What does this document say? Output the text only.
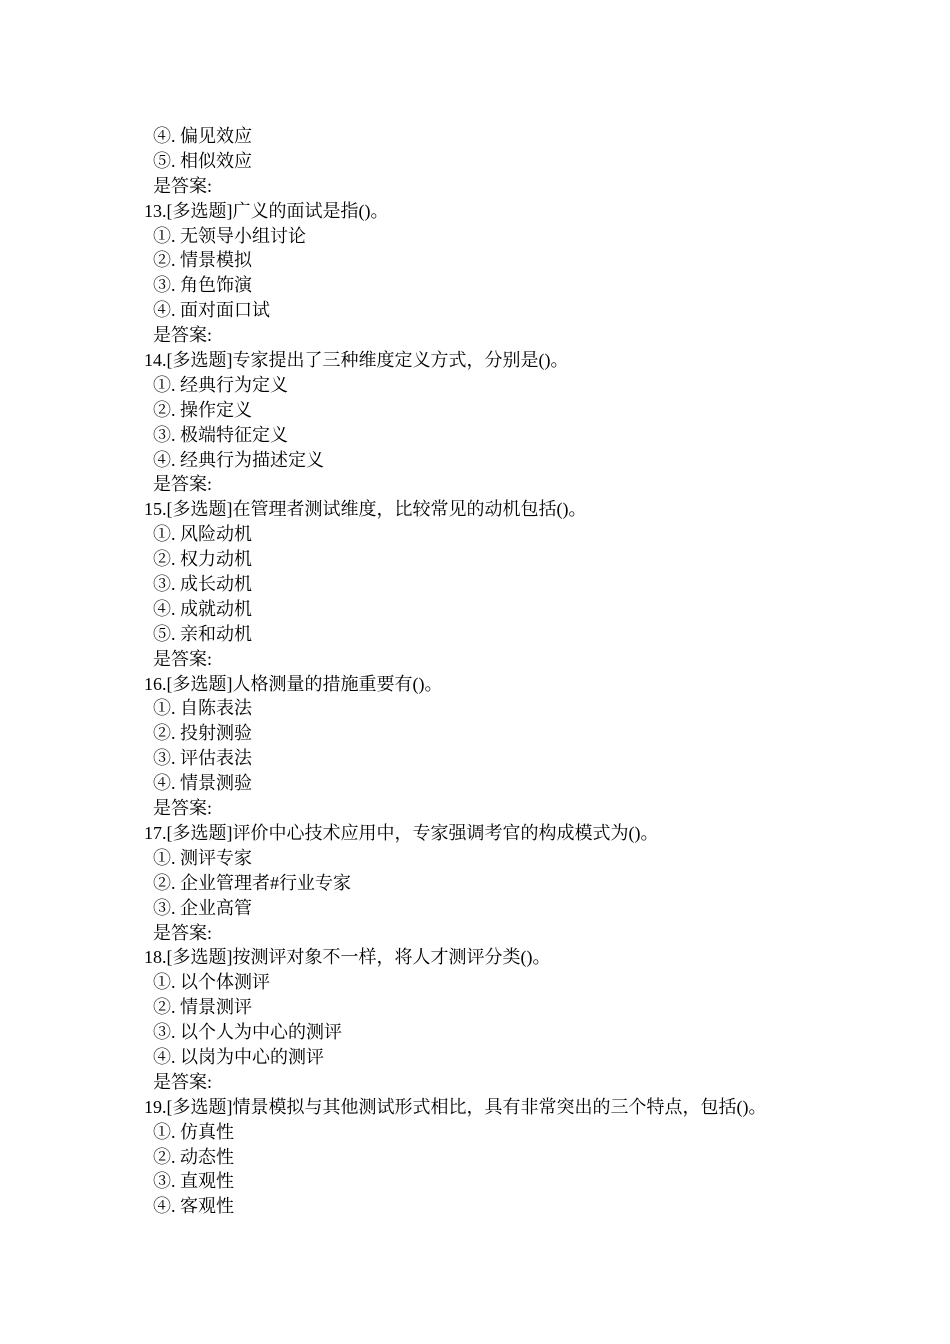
④. 偏见效应
⑤. 相似效应
是答案:
13.[多选题]广义的面试是指()。
①. 无领导小组讨论
②. 情景模拟
③. 角色饰演
④. 面对面口试
是答案:
14.[多选题]专家提出了三种维度定义方式，分别是()。
①. 经典行为定义
②. 操作定义
③. 极端特征定义
④. 经典行为描述定义
是答案:
15.[多选题]在管理者测试维度，比较常见的动机包括()。
①. 风险动机
②. 权力动机
③. 成长动机
④. 成就动机
⑤. 亲和动机
是答案:
16.[多选题]人格测量的措施重要有()。
①. 自陈表法
②. 投射测验
③. 评估表法
④. 情景测验
是答案:
17.[多选题]评价中心技术应用中，专家强调考官的构成模式为()。
①. 测评专家
②. 企业管理者#行业专家
③. 企业高管
是答案:
18.[多选题]按测评对象不一样，将人才测评分类()。
①. 以个体测评
②. 情景测评
③. 以个人为中心的测评
④. 以岗为中心的测评
是答案:
19.[多选题]情景模拟与其他测试形式相比，具有非常突出的三个特点，包括()。
①. 仿真性
②. 动态性
③. 直观性
④. 客观性
